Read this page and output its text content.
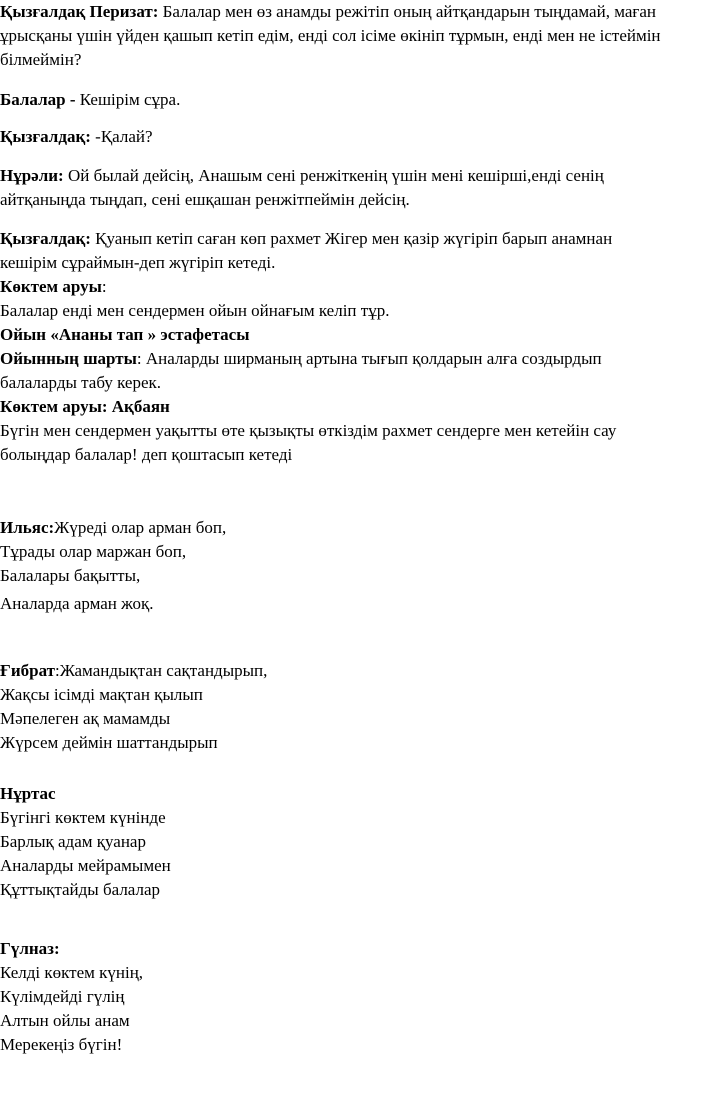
Қызғалдақ Перизат: Балалар мен өз анамды режітіп оның айтқандарын тыңдамай, маған
ұрысқаны үшін үйден қашып кетіп едім, енді сол ісіме өкініп тұрмын, енді мен не істеймін
білмеймін?
Балалар - Кешірім сұра.
Қызғалдақ: -Қалай?
Нұрәли: Ой былай дейсің, Анашым сені ренжіткенің үшін мені кешірші,енді сенің
айтқаныңда тыңдап, сені ешқашан ренжітпеймін дейсің.
Қызғалдақ: Қуанып кетіп саған көп рахмет Жігер мен қазір жүгіріп барып анамнан
кешірім сұраймын-деп жүгіріп кетеді.
Көктем аруы:
Балалар енді мен сендермен ойын ойнағым келіп тұр.
Ойын «Ананы тап » эстафетасы
Ойынның шарты: Аналарды ширманың артына тығып қолдарын алға создырдып
балаларды табу керек.
Көктем аруы: Ақбаян
Бүгін мен сендермен уақытты өте қызықты өткіздім рахмет сендерге мен кетейін сау
болыңдар балалар! деп қоштасып кетеді
Ильяс:Жүреді олар арман боп,
Тұрады олар маржан боп,
Балалары бақытты,
Аналарда арман жоқ.
Ғибрат:Жамандықтан сақтандырып,
Жақсы ісімді мақтан қылып
Мәпелеген ақ мамамды
Жүрсем деймін шаттандырып
Нұртас
Бүгінгі көктем күнінде
Барлық адам қуанар
Аналарды мейрамымен
Құттықтайды балалар
Гүлназ:
Келді көктем күнің,
Күлімдейді гүлің
Алтын ойлы анам
Мерекеңіз бүгін!
